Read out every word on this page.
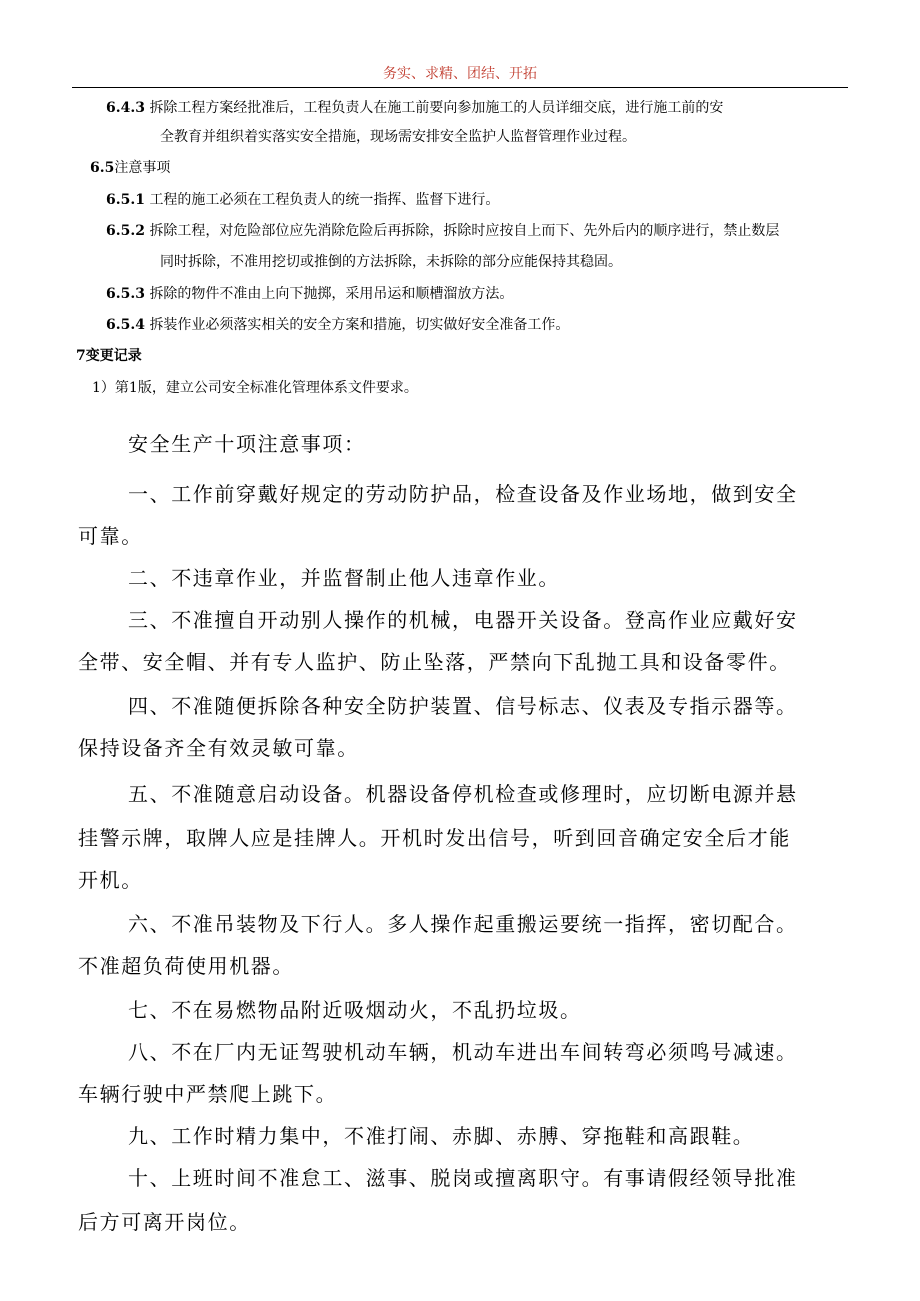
务实、求精、团结、开拓
6.4.3 拆除工程方案经批准后，工程负责人在施工前要向参加施工的人员详细交底，进行施工前的安
全教育并组织着实落实安全措施，现场需安排安全监护人监督管理作业过程。
6.5注意事项
6.5.1 工程的施工必须在工程负责人的统一指挥、监督下进行。
6.5.2 拆除工程，对危险部位应先消除危险后再拆除，拆除时应按自上而下、先外后内的顺序进行，禁止数层
同时拆除，不准用挖切或推倒的方法拆除，未拆除的部分应能保持其稳固。
6.5.3 拆除的物件不准由上向下抛掷，采用吊运和顺槽溜放方法。
6.5.4 拆装作业必须落实相关的安全方案和措施，切实做好安全准备工作。
7变更记录
1）第1版，建立公司安全标准化管理体系文件要求。
安全生产十项注意事项：
一、工作前穿戴好规定的劳动防护品，检查设备及作业场地，做到安全
可靠。
二、不违章作业，并监督制止他人违章作业。
三、不准擅自开动别人操作的机械，电器开关设备。登高作业应戴好安
全带、安全帽、并有专人监护、防止坠落，严禁向下乱抛工具和设备零件。
四、不准随便拆除各种安全防护装置、信号标志、仪表及专指示器等。
保持设备齐全有效灵敏可靠。
五、不准随意启动设备。机器设备停机检查或修理时，应切断电源并悬
挂警示牌，取牌人应是挂牌人。开机时发出信号，听到回音确定安全后才能
开机。
六、不准吊装物及下行人。多人操作起重搬运要统一指挥，密切配合。
不准超负荷使用机器。
七、不在易燃物品附近吸烟动火，不乱扔垃圾。
八、不在厂内无证驾驶机动车辆，机动车进出车间转弯必须鸣号减速。
车辆行驶中严禁爬上跳下。
九、工作时精力集中，不准打闹、赤脚、赤膊、穿拖鞋和高跟鞋。
十、上班时间不准怠工、滋事、脱岗或擅离职守。有事请假经领导批准
后方可离开岗位。
